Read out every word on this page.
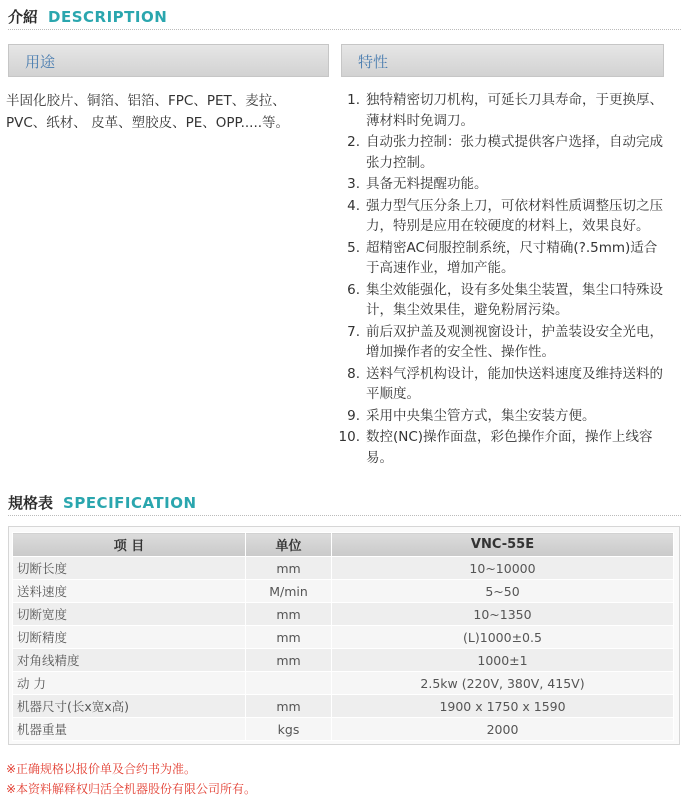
介紹 DESCRIPTION
用途	特性
半固化胶片、铜箔、铝箔、FPC、PET、麦拉、PVC、纸材、 皮革、塑胶皮、PE、OPP.....等。
1. 独特精密切刀机构，可延长刀具寿命，于更换厚、薄材料时免调刀。
2. 自动张力控制：张力模式提供客户选择，自动完成张力控制。
3. 具备无料提醒功能。
4. 强力型气压分条上刀，可依材料性质调整压切之压力，特别是应用在较硬度的材料上，效果良好。
5. 超精密AC伺服控制系统，尺寸精确(?.5mm)适合于高速作业，增加产能。
6. 集尘效能强化，设有多处集尘装置，集尘口特殊设计，集尘效果佳，避免粉屑污染。
7. 前后双护盖及观测视窗设计，护盖装设安全光电，增加操作者的安全性、操作性。
8. 送料气浮机构设计，能加快送料速度及维持送料的平顺度。
9. 采用中央集尘管方式，集尘安装方便。
10. 数控(NC)操作面盘，彩色操作介面，操作上线容易。
規格表 SPECIFICATION
项 目	单位	VNC-55E
切断长度	mm	10~10000
送料速度	M/min	5~50
切断宽度	mm	10~1350
切断精度	mm	(L)1000±0.5
对角线精度	mm	1000±1
动 力		2.5kw (220V, 380V, 415V)
机器尺寸(长x宽x高)	mm	1900 x 1750 x 1590
机器重量	kgs	2000
※正确规格以报价单及合约书为准。
※本资料解释权归活全机器股份有限公司所有。
